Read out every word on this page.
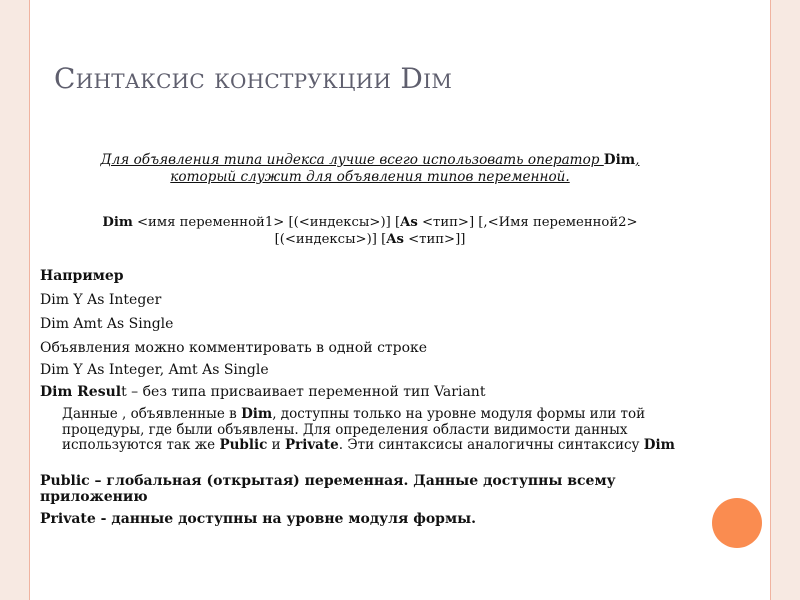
Синтаксис конструкции Dim
Для объявления типа индекса лучше всего использовать оператор Dim,
который служит для объявления типов переменной.
Dim <имя переменной1> [(<индексы>)] [As <тип>] [,<Имя переменной2>
[(<индексы>)] [As <тип>]]
Например
Dim Y As Integer
Dim Amt As Single
Объявления можно комментировать в одной строке
Dim Y As Integer, Amt As Single
Dim Result – без типа присваивает переменной тип Variant
Данные , объявленные в Dim, доступны только на уровне модуля формы или той процедуры, где были объявлены. Для определения области видимости данных используются так же Public и Private. Эти синтаксисы аналогичны синтаксису Dim
Public – глобальная (открытая) переменная. Данные доступны всему приложению
Private - данные доступны на уровне модуля формы.
